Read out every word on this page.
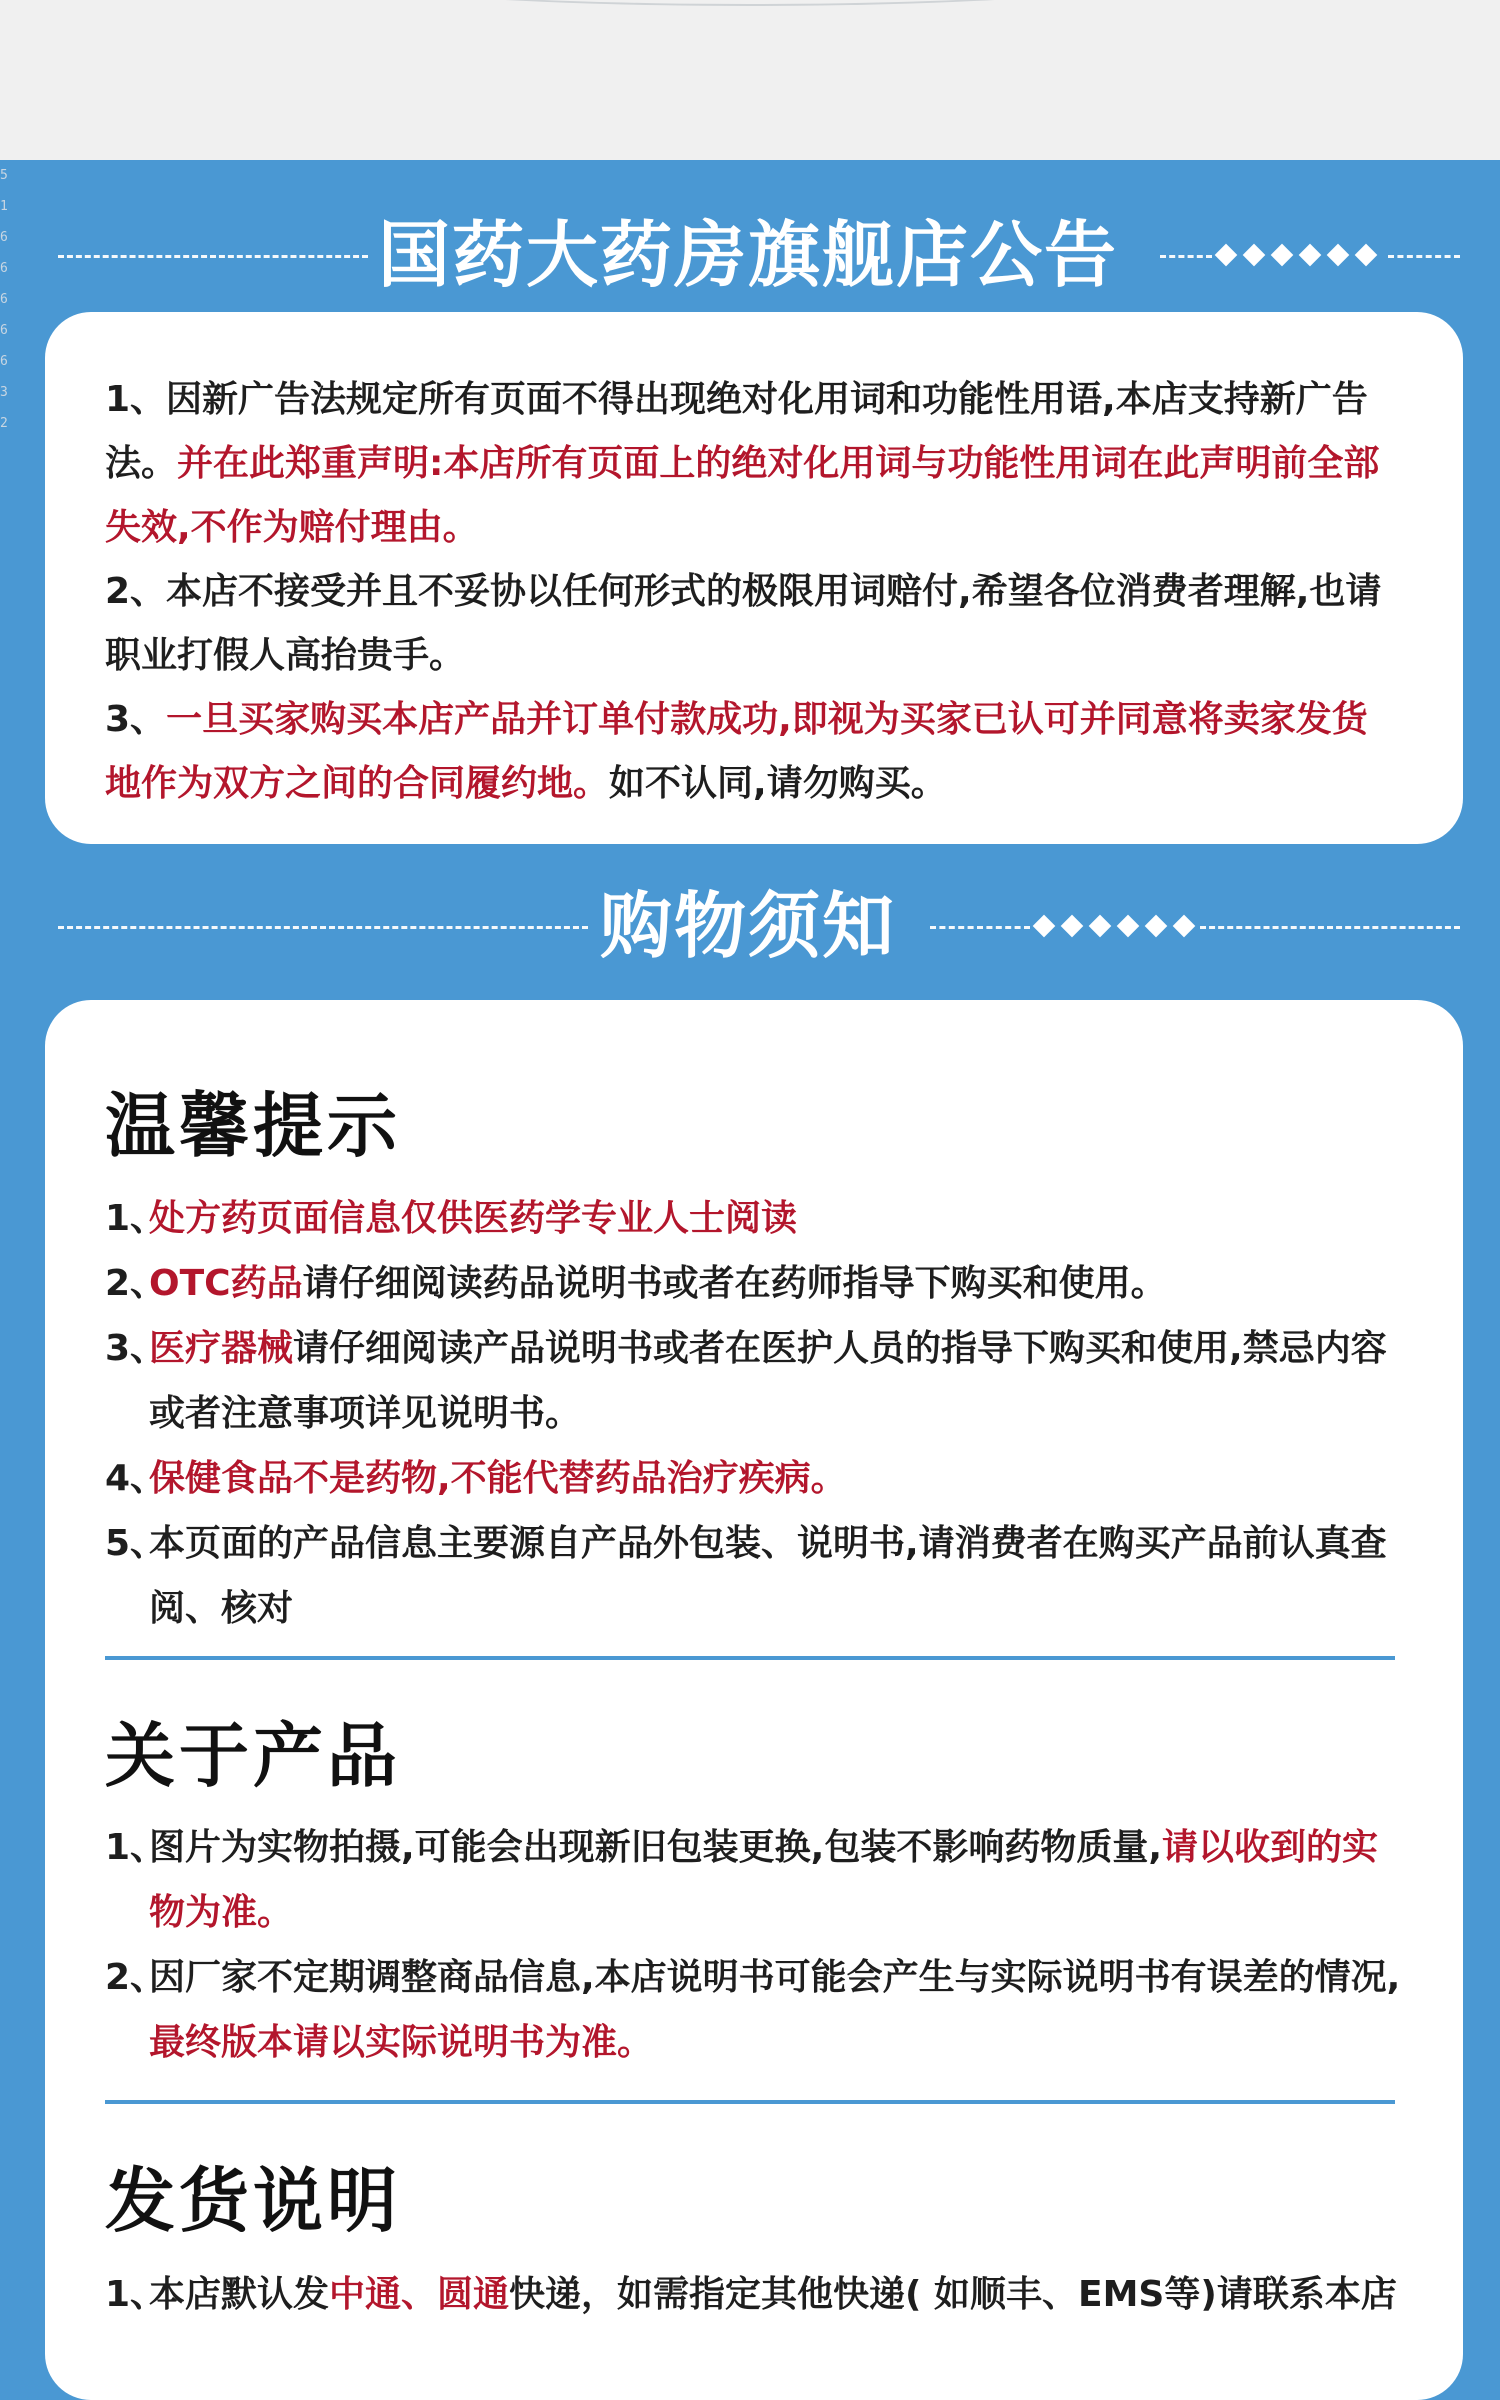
5
1
6
6
6
6
6
3
2
国药大药房旗舰店公告

1、因新广告法规定所有页面不得出现绝对化用词和功能性用语,本店支持新广告法。并在此郑重声明:本店所有页面上的绝对化用词与功能性用词在此声明前全部失效,不作为赔付理由。

2、本店不接受并且不妥协以任何形式的极限用词赔付,希望各位消费者理解,也请职业打假人高抬贵手。

3、一旦买家购买本店产品并订单付款成功,即视为买家已认可并同意将卖家发货地作为双方之间的合同履约地。如不认同,请勿购买。

购物须知
温馨提示
1、处方药页面信息仅供医药学专业人士阅读
2、OTC药品请仔细阅读药品说明书或者在药师指导下购买和使用。
3、医疗器械请仔细阅读产品说明书或者在医护人员的指导下购买和使用,禁忌内容或者注意事项详见说明书。
4、保健食品不是药物,不能代替药品治疗疾病。
5、本页面的产品信息主要源自产品外包装、说明书,请消费者在购买产品前认真查阅、核对
关于产品
1、图片为实物拍摄,可能会出现新旧包装更换,包装不影响药物质量,请以收到的实物为准。
2、因厂家不定期调整商品信息,本店说明书可能会产生与实际说明书有误差的情况,最终版本请以实际说明书为准。
发货说明
1、本店默认发中通、圆通快递，如需指定其他快递( 如顺丰、EMS等)请联系本店
